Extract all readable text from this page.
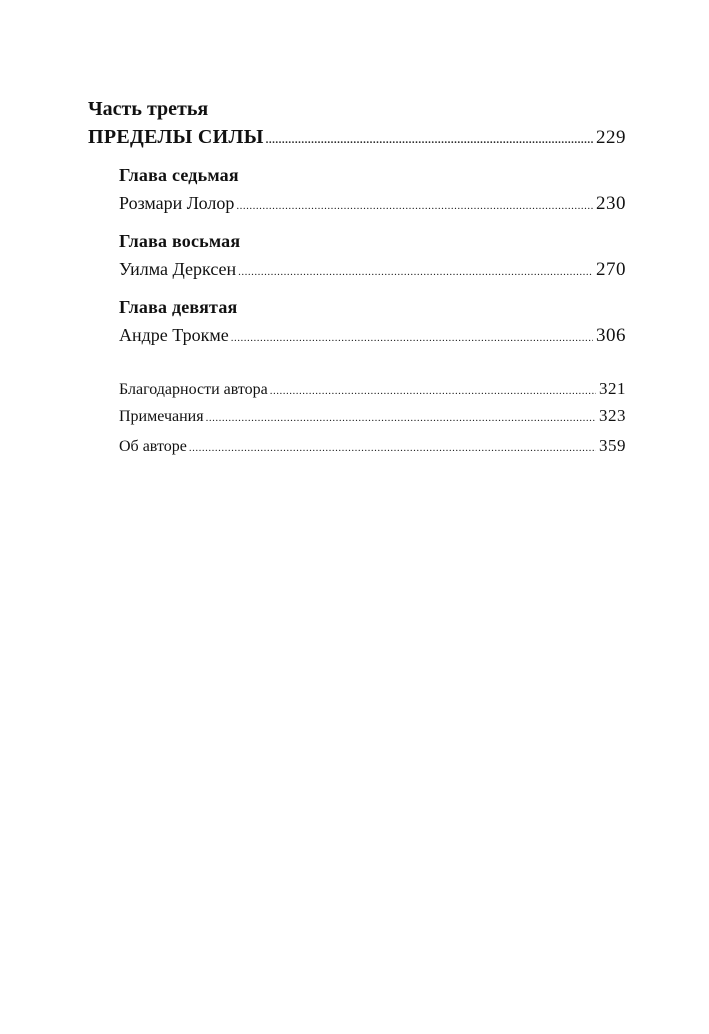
Часть третья
ПРЕДЕЛЫ СИЛЫ .....	229
Глава седьмая
Розмари Лолор .....	230
Глава восьмая
Уилма Дерксен .....	270
Глава девятая
Андре Трокме .....	306
Благодарности автора .....	321
Примечания .....	323
Об авторе .....	359
